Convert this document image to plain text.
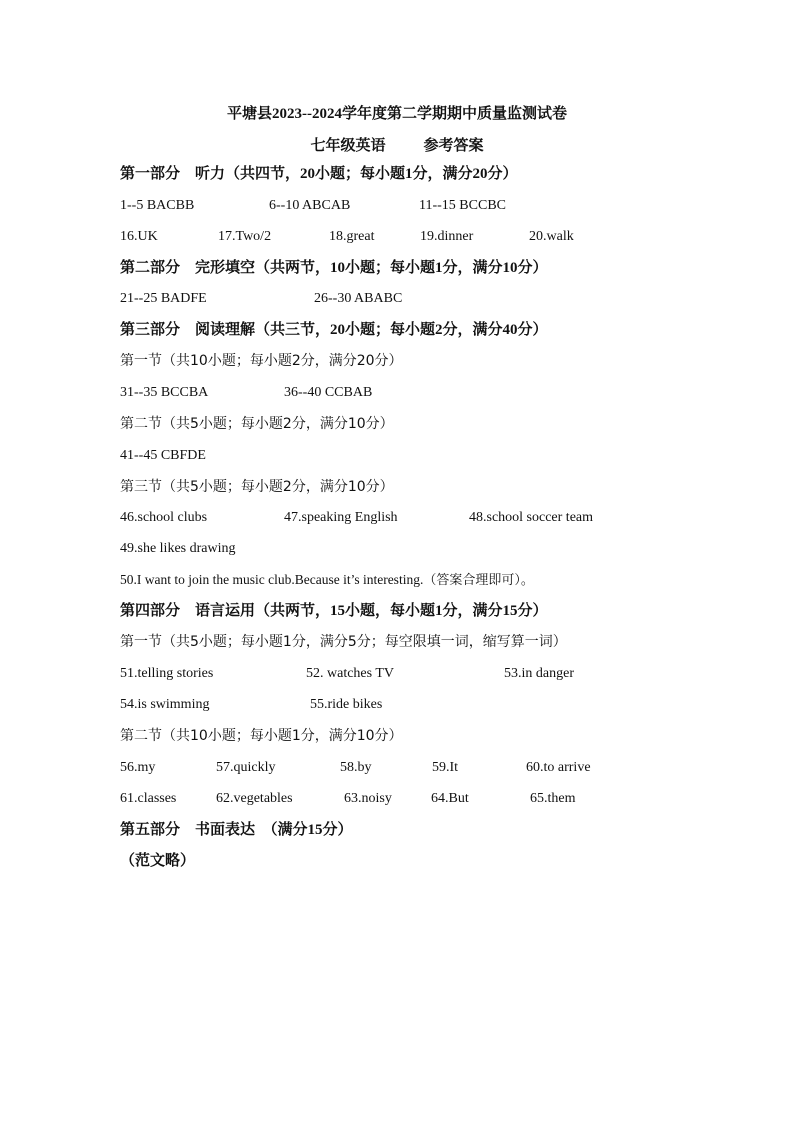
平塘县2023--2024学年度第二学期期中质量监测试卷
七年级英语	参考答案
第一部分　听力（共四节，20小题；每小题1分，满分20分）
1--5 BACBB	6--10 ABCAB	11--15 BCCBC
16.UK	17.Two/2	18.great	19.dinner	20.walk
第二部分　完形填空（共两节，10小题；每小题1分，满分10分）
21--25 BADFE	26--30 ABABC
第三部分　阅读理解（共三节，20小题；每小题2分，满分40分）
第一节（共10小题；每小题2分，满分20分）
31--35 BCCBA	36--40 CCBAB
第二节（共5小题；每小题2分，满分10分）
41--45 CBFDE
第三节（共5小题；每小题2分，满分10分）
46.school clubs	47.speaking English	48.school soccer team
49.she likes drawing
50.I want to join the music club.Because it’s interesting.（答案合理即可）。
第四部分　语言运用（共两节，15小题，每小题1分，满分15分）
第一节（共5小题；每小题1分，满分5分；每空限填一词，缩写算一词）
51.telling stories	52. watches TV	53.in danger
54.is swimming	55.ride bikes
第二节（共10小题；每小题1分，满分10分）
56.my	57.quickly	58.by	59.It	60.to arrive
61.classes	62.vegetables	63.noisy	64.But	65.them
第五部分　书面表达　（满分15分）
（范文略）
